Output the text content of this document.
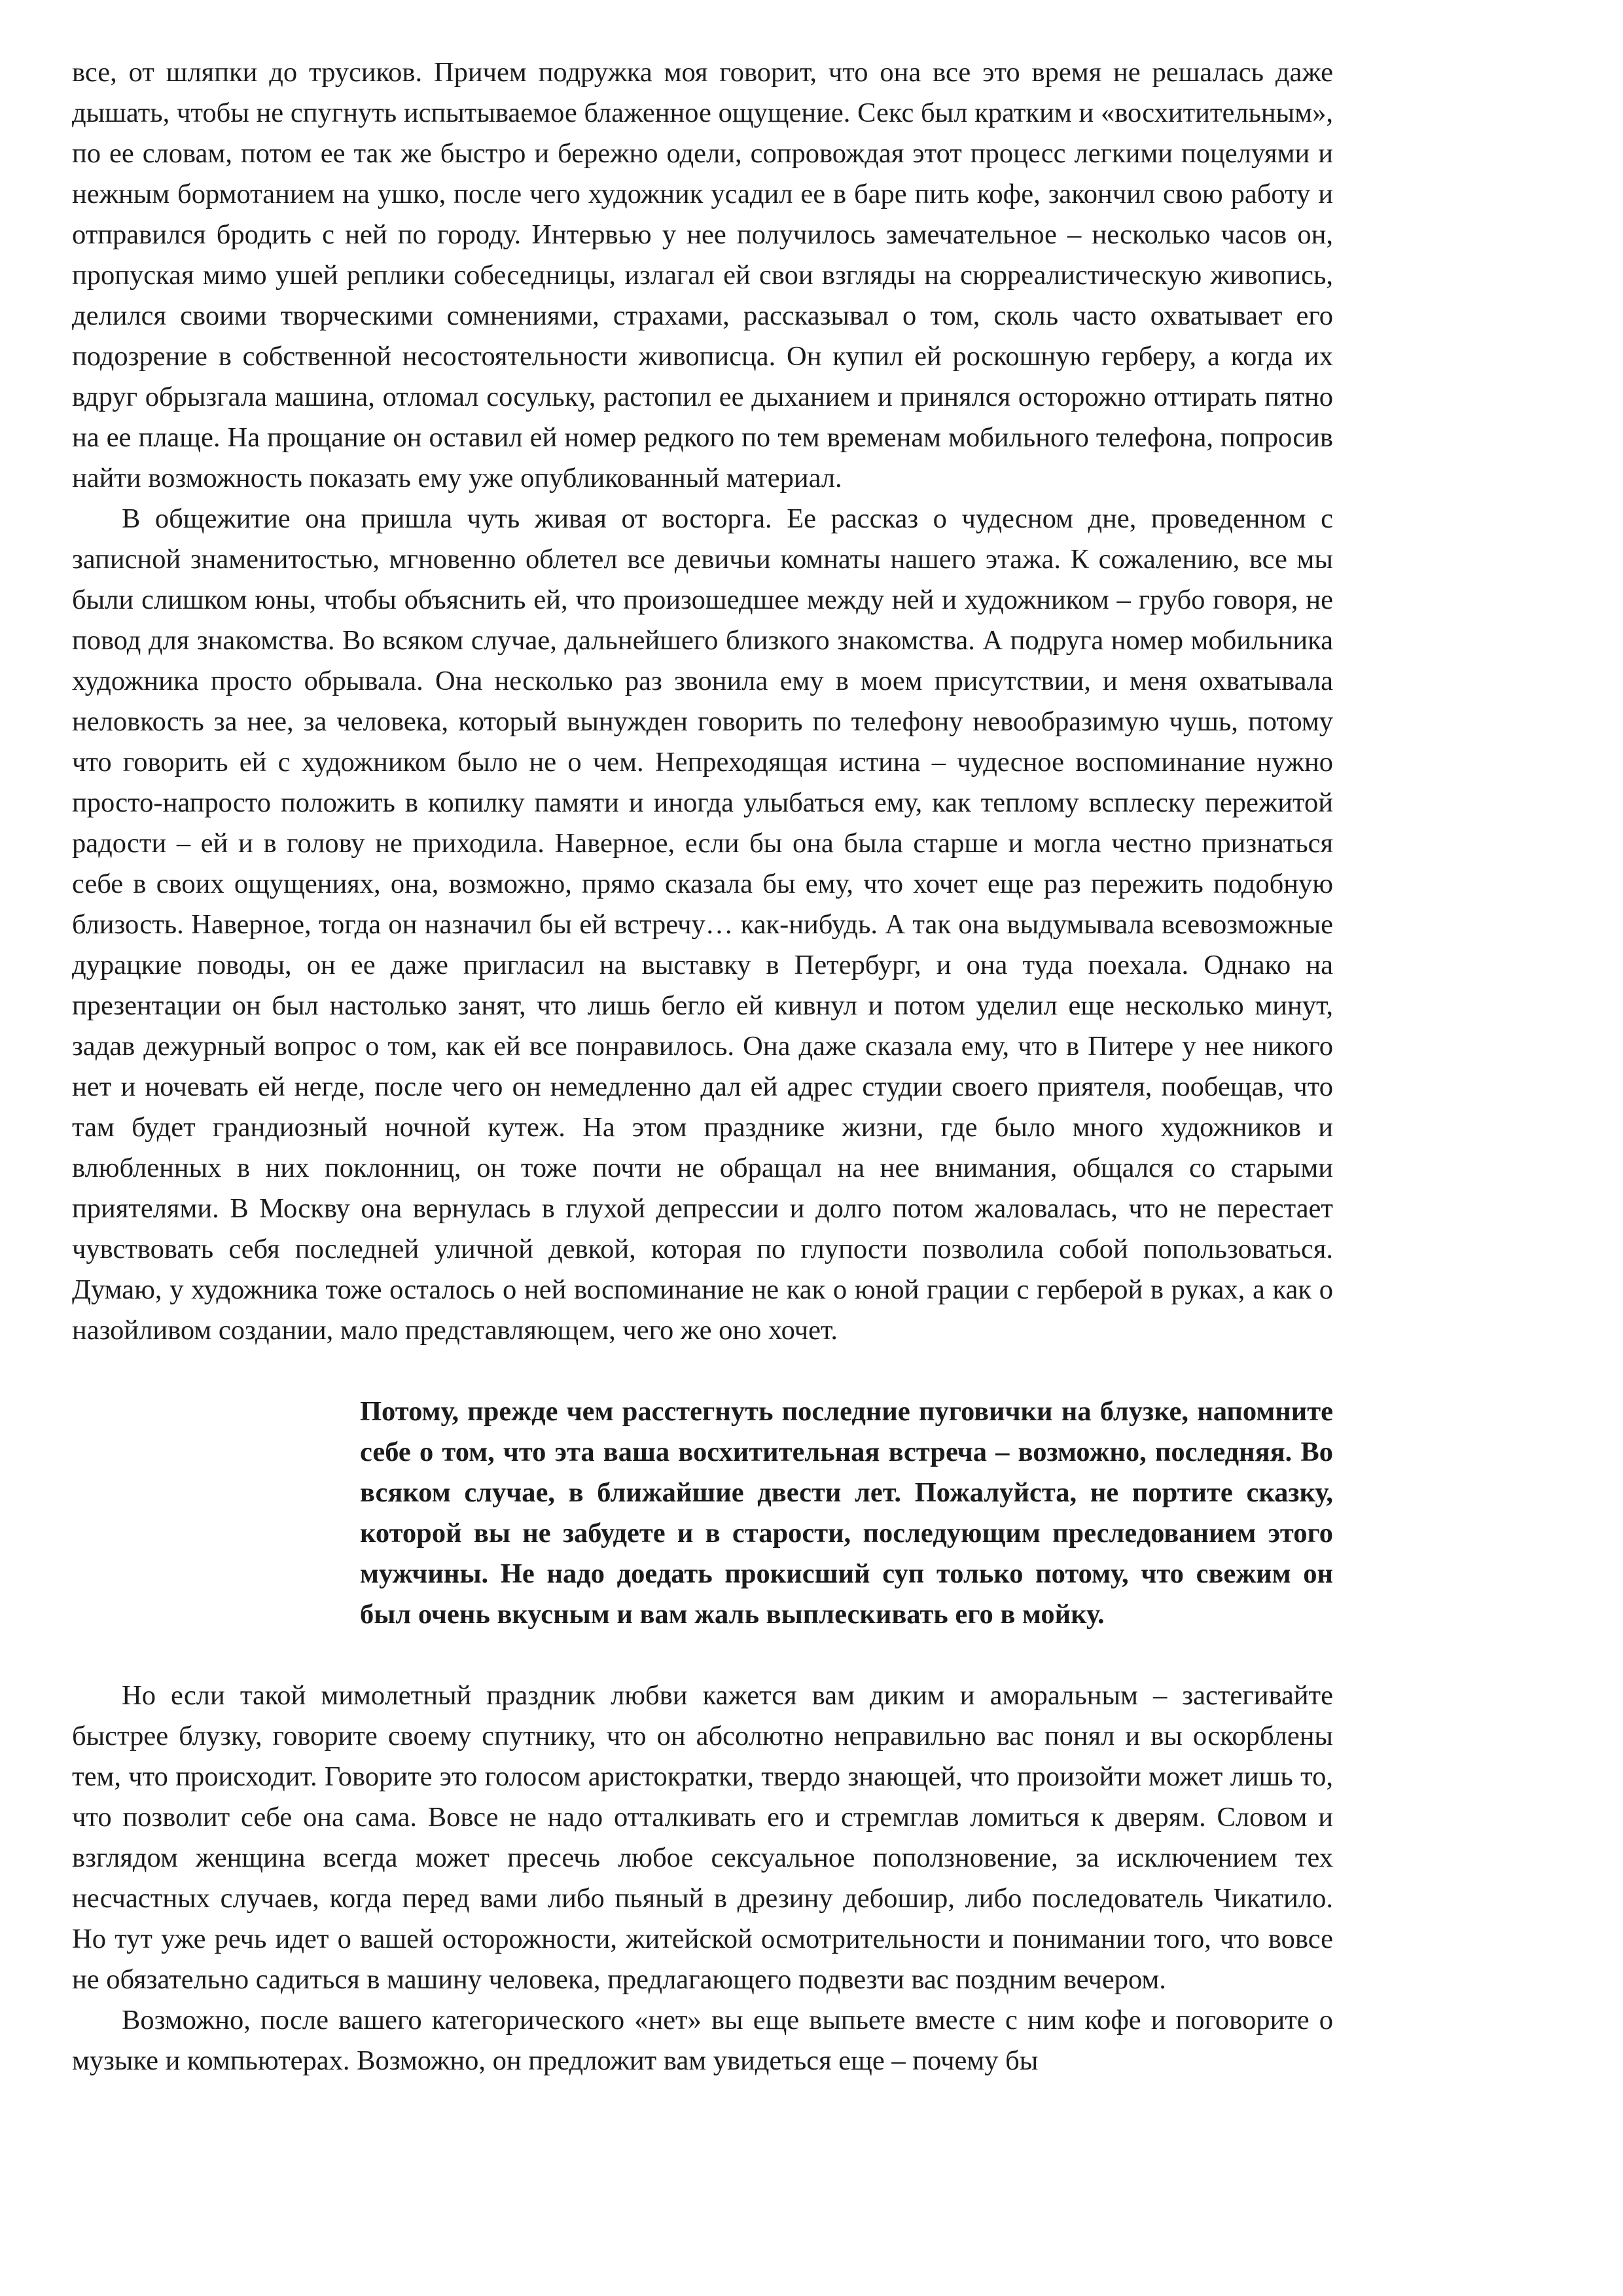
все, от шляпки до трусиков. Причем подружка моя говорит, что она все это время не решалась даже дышать, чтобы не спугнуть испытываемое блаженное ощущение. Секс был кратким и «восхитительным», по ее словам, потом ее так же быстро и бережно одели, сопровождая этот процесс легкими поцелуями и нежным бормотанием на ушко, после чего художник усадил ее в баре пить кофе, закончил свою работу и отправился бродить с ней по городу. Интервью у нее получилось замечательное – несколько часов он, пропуская мимо ушей реплики собеседницы, излагал ей свои взгляды на сюрреалистическую живопись, делился своими творческими сомнениями, страхами, рассказывал о том, сколь часто охватывает его подозрение в собственной несостоятельности живописца. Он купил ей роскошную герберу, а когда их вдруг обрызгала машина, отломал сосульку, растопил ее дыханием и принялся осторожно оттирать пятно на ее плаще. На прощание он оставил ей номер редкого по тем временам мобильного телефона, попросив найти возможность показать ему уже опубликованный материал.

В общежитие она пришла чуть живая от восторга. Ее рассказ о чудесном дне, проведенном с записной знаменитостью, мгновенно облетел все девичьи комнаты нашего этажа. К сожалению, все мы были слишком юны, чтобы объяснить ей, что произошедшее между ней и художником – грубо говоря, не повод для знакомства. Во всяком случае, дальнейшего близкого знакомства. А подруга номер мобильника художника просто обрывала. Она несколько раз звонила ему в моем присутствии, и меня охватывала неловкость за нее, за человека, который вынужден говорить по телефону невообразимую чушь, потому что говорить ей с художником было не о чем. Непреходящая истина – чудесное воспоминание нужно просто-напросто положить в копилку памяти и иногда улыбаться ему, как теплому всплеску пережитой радости – ей и в голову не приходила. Наверное, если бы она была старше и могла честно признаться себе в своих ощущениях, она, возможно, прямо сказала бы ему, что хочет еще раз пережить подобную близость. Наверное, тогда он назначил бы ей встречу… как-нибудь. А так она выдумывала всевозможные дурацкие поводы, он ее даже пригласил на выставку в Петербург, и она туда поехала. Однако на презентации он был настолько занят, что лишь бегло ей кивнул и потом уделил еще несколько минут, задав дежурный вопрос о том, как ей все понравилось. Она даже сказала ему, что в Питере у нее никого нет и ночевать ей негде, после чего он немедленно дал ей адрес студии своего приятеля, пообещав, что там будет грандиозный ночной кутеж. На этом празднике жизни, где было много художников и влюбленных в них поклонниц, он тоже почти не обращал на нее внимания, общался со старыми приятелями. В Москву она вернулась в глухой депрессии и долго потом жаловалась, что не перестает чувствовать себя последней уличной девкой, которая по глупости позволила собой попользоваться. Думаю, у художника тоже осталось о ней воспоминание не как о юной грации с герберой в руках, а как о назойливом создании, мало представляющем, чего же оно хочет.

Потому, прежде чем расстегнуть последние пуговички на блузке, напомните себе о том, что эта ваша восхитительная встреча – возможно, последняя. Во всяком случае, в ближайшие двести лет. Пожалуйста, не портите сказку, которой вы не забудете и в старости, последующим преследованием этого мужчины. Не надо доедать прокисший суп только потому, что свежим он был очень вкусным и вам жаль выплескивать его в мойку.

Но если такой мимолетный праздник любви кажется вам диким и аморальным – застегивайте быстрее блузку, говорите своему спутнику, что он абсолютно неправильно вас понял и вы оскорблены тем, что происходит. Говорите это голосом аристократки, твердо знающей, что произойти может лишь то, что позволит себе она сама. Вовсе не надо отталкивать его и стремглав ломиться к дверям. Словом и взглядом женщина всегда может пресечь любое сексуальное поползновение, за исключением тех несчастных случаев, когда перед вами либо пьяный в дрезину дебошир, либо последователь Чикатило. Но тут уже речь идет о вашей осторожности, житейской осмотрительности и понимании того, что вовсе не обязательно садиться в машину человека, предлагающего подвезти вас поздним вечером.

Возможно, после вашего категорического «нет» вы еще выпьете вместе с ним кофе и поговорите о музыке и компьютерах. Возможно, он предложит вам увидеться еще – почему бы
